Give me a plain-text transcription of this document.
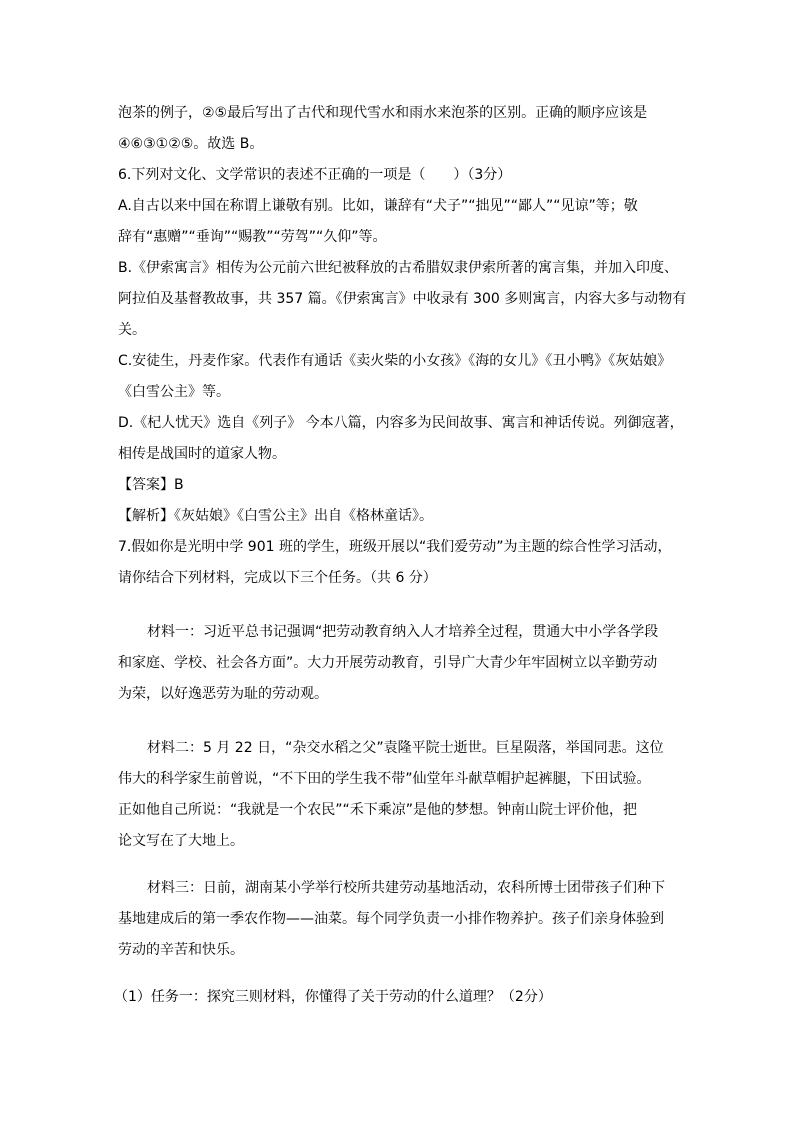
泡茶的例子，②⑤最后写出了古代和现代雪水和雨水来泡茶的区别。正确的顺序应该是
④⑥③①②⑤。故选 B。
6.下列对文化、文学常识的表述不正确的一项是（　　）（3分）
A.自古以来中国在称谓上谦敬有别。比如，谦辞有“犬子”“拙见”“鄙人”“见谅”等；敬
辞有“惠赠”“垂询”“赐教”“劳驾”“久仰”等。
B.《伊索寓言》相传为公元前六世纪被释放的古希腊奴隶伊索所著的寓言集，并加入印度、
阿拉伯及基督教故事，共 357 篇。《伊索寓言》中收录有 300 多则寓言，内容大多与动物有
关。
C.安徒生，丹麦作家。代表作有通话《卖火柴的小女孩》《海的女儿》《丑小鸭》《灰姑娘》
《白雪公主》等。
D.《杞人忧天》选自《列子》 今本八篇，内容多为民间故事、寓言和神话传说。列御寇著，
相传是战国时的道家人物。
【答案】B
【解析】《灰姑娘》《白雪公主》出自《格林童话》。
7.假如你是光明中学 901 班的学生，班级开展以“我们爱劳动”为主题的综合性学习活动，
请你结合下列材料，完成以下三个任务。（共 6 分）
材料一：习近平总书记强调“把劳动教育纳入人才培养全过程，贯通大中小学各学段
和家庭、学校、社会各方面”。大力开展劳动教育，引导广大青少年牢固树立以辛勤劳动
为荣，以好逸恶劳为耻的劳动观。
材料二：5 月 22 日，“杂交水稻之父”袁隆平院士逝世。巨星陨落，举国同悲。这位
伟大的科学家生前曾说，“不下田的学生我不带”仙堂年斗献草帽护起裤腿，下田试验。
正如他自己所说：“我就是一个农民”“禾下乘凉”是他的梦想。钟南山院士评价他，把
论文写在了大地上。
材料三：日前，湖南某小学举行校所共建劳动基地活动，农科所博士团带孩子们种下
基地建成后的第一季农作物——油菜。每个同学负责一小排作物养护。孩子们亲身体验到
劳动的辛苦和快乐。
（1）任务一：探究三则材料，你懂得了关于劳动的什么道理？（2分）
